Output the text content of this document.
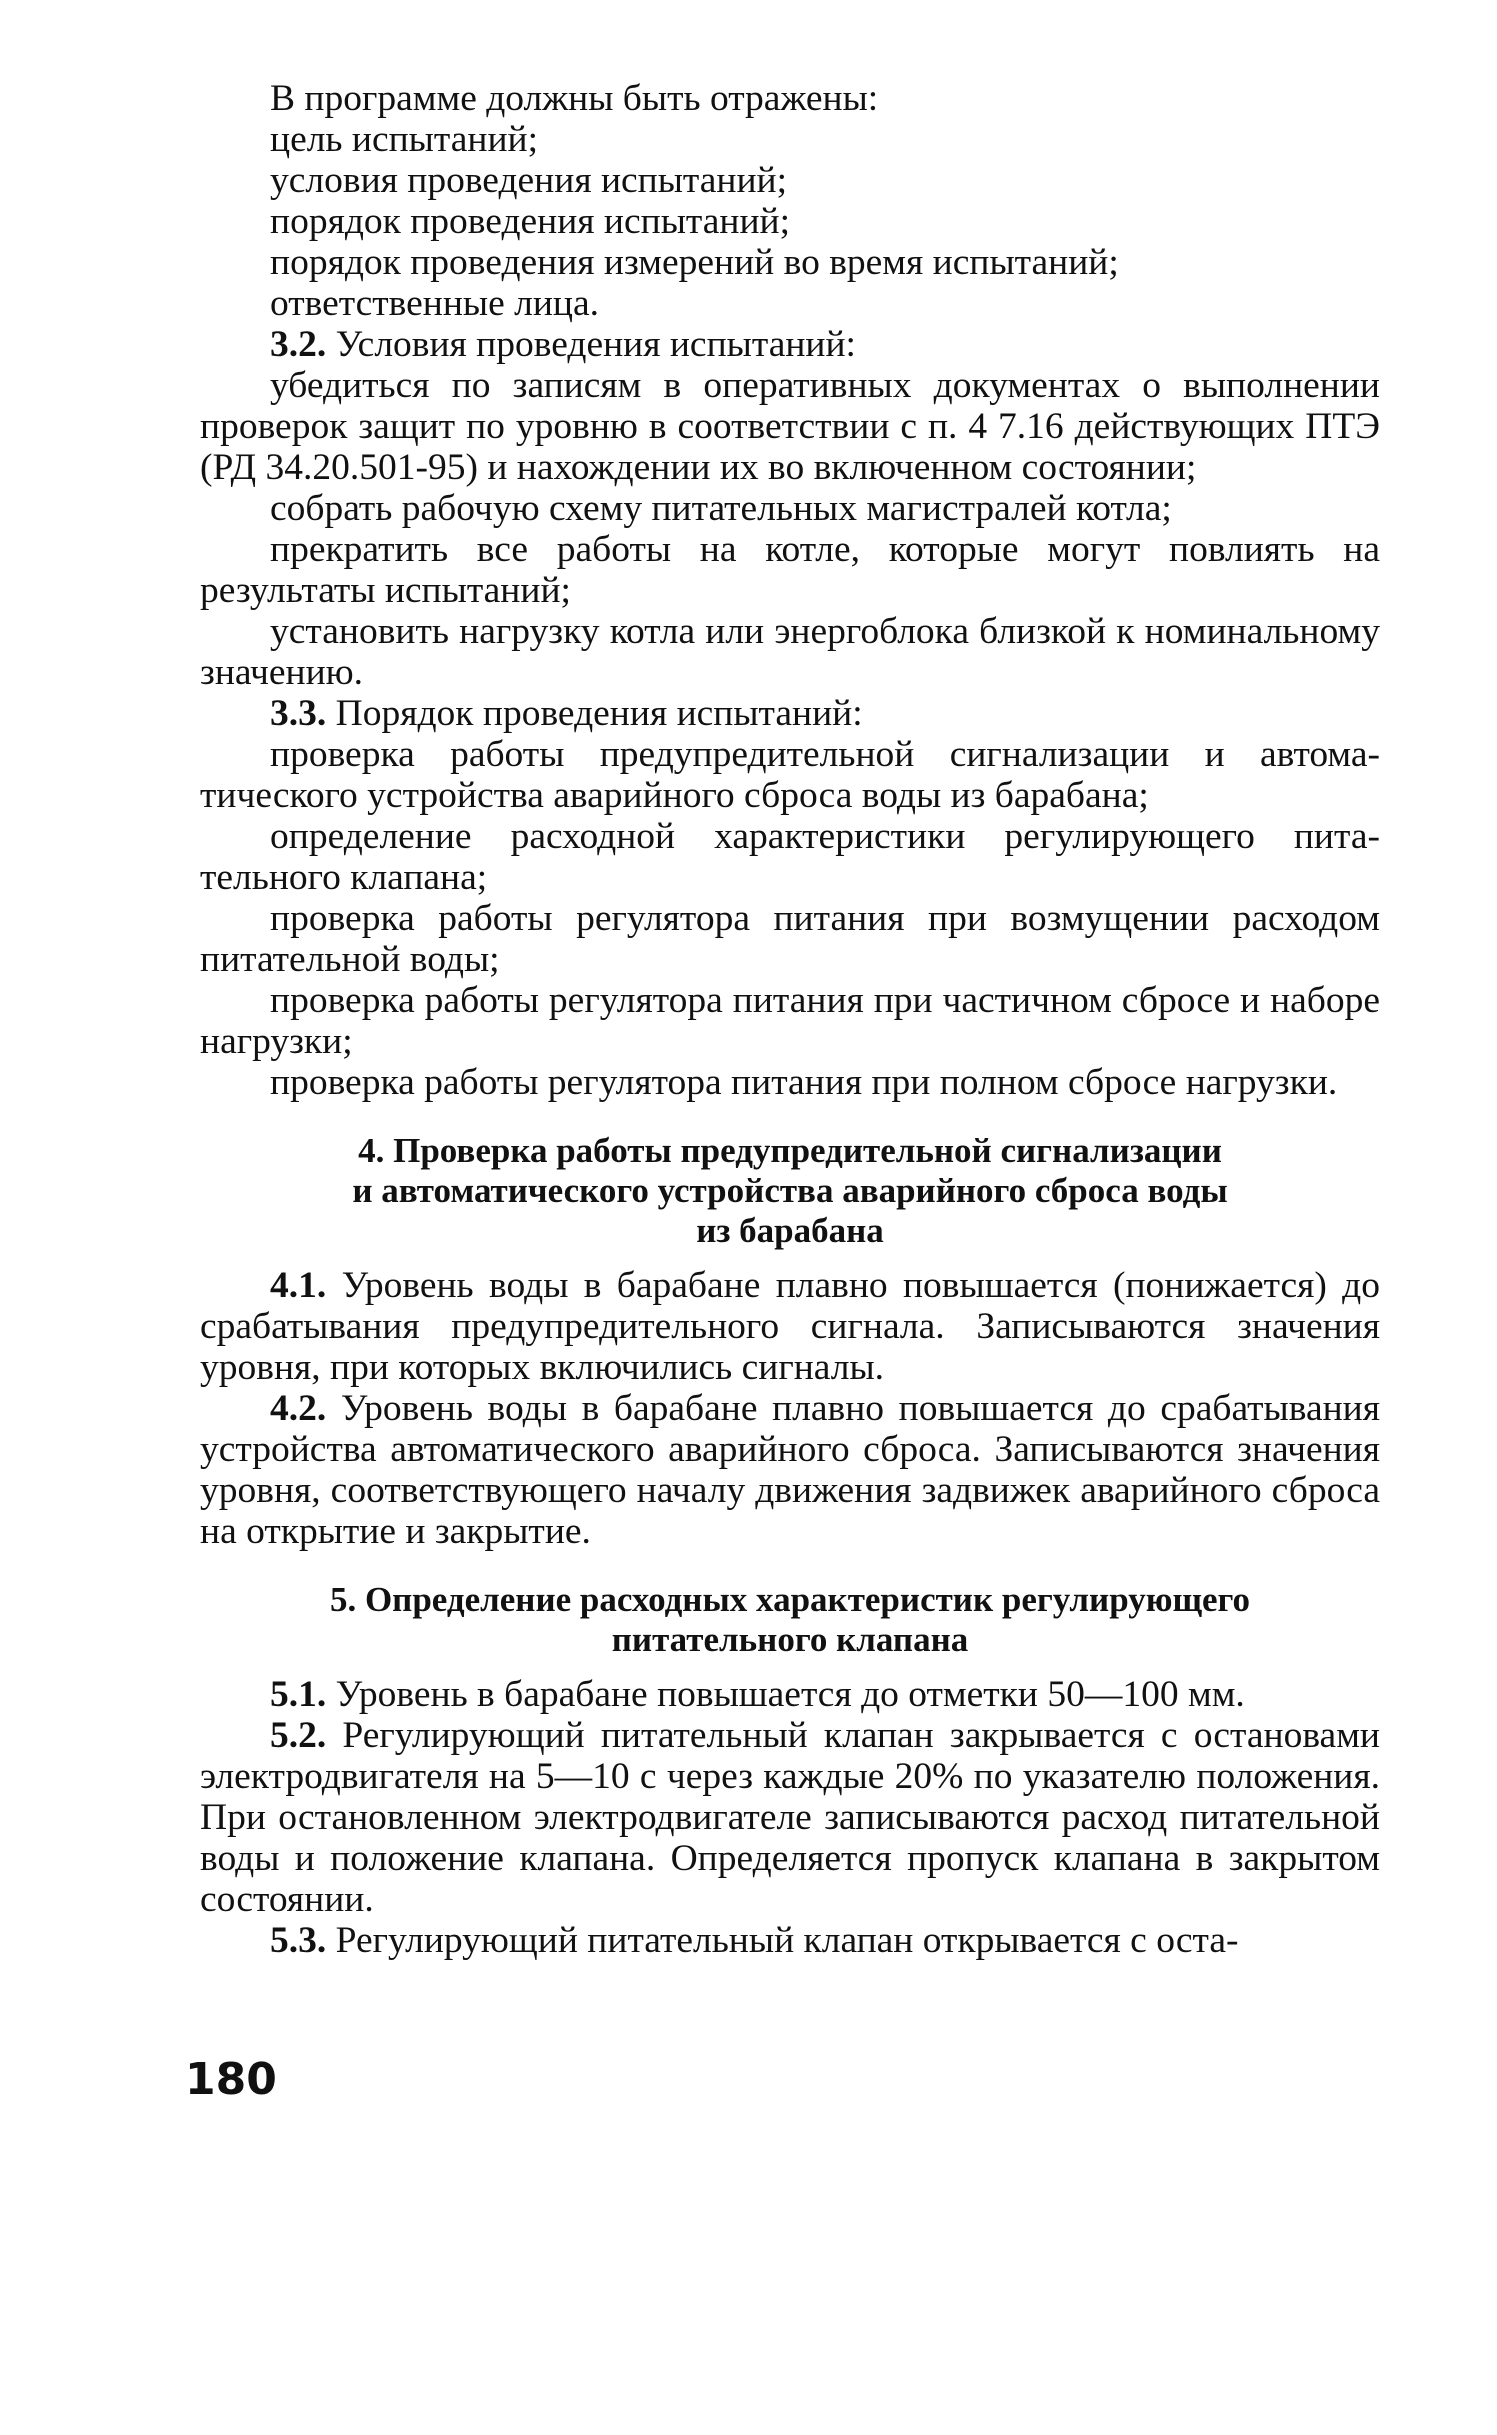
В программе должны быть отражены:

цель испытаний;

условия проведения испытаний;

порядок проведения испытаний;

порядок проведения измерений во время испытаний;

ответственные лица.

3.2. Условия проведения испытаний:

убедиться по записям в оперативных документах о выполнении проверок защит по уровню в соответствии с п. 4 7.16 действующих ПТЭ (РД 34.20.501-95) и нахождении их во включенном состоянии;

собрать рабочую схему питательных магистралей котла;

прекратить все работы на котле, которые могут повлиять на результаты испытаний;

установить нагрузку котла или энергоблока близкой к номинальному значению.

3.3. Порядок проведения испытаний:

проверка работы предупредительной сигнализации и автоматического устройства аварийного сброса воды из барабана;

определение расходной характеристики регулирующего питательного клапана;

проверка работы регулятора питания при возмущении расходом питательной воды;

проверка работы регулятора питания при частичном сбросе и наборе нагрузки;

проверка работы регулятора питания при полном сбросе нагрузки.

4. Проверка работы предупредительной сигнализации
и автоматического устройства аварийного сброса воды
из барабана

4.1. Уровень воды в барабане плавно повышается (понижается) до срабатывания предупредительного сигнала. Записываются значения уровня, при которых включились сигналы.

4.2. Уровень воды в барабане плавно повышается до срабатывания устройства автоматического аварийного сброса. Записываются значения уровня, соответствующего началу движения задвижек аварийного сброса на открытие и закрытие.

5. Определение расходных характеристик регулирующего
питательного клапана

5.1. Уровень в барабане повышается до отметки 50—100 мм.

5.2. Регулирующий питательный клапан закрывается с остановами электродвигателя на 5—10 с через каждые 20% по указателю положения. При остановленном электродвигателе записываются расход питательной воды и положение клапана. Определяется пропуск клапана в закрытом состоянии.

5.3. Регулирующий питательный клапан открывается с оста-

180
